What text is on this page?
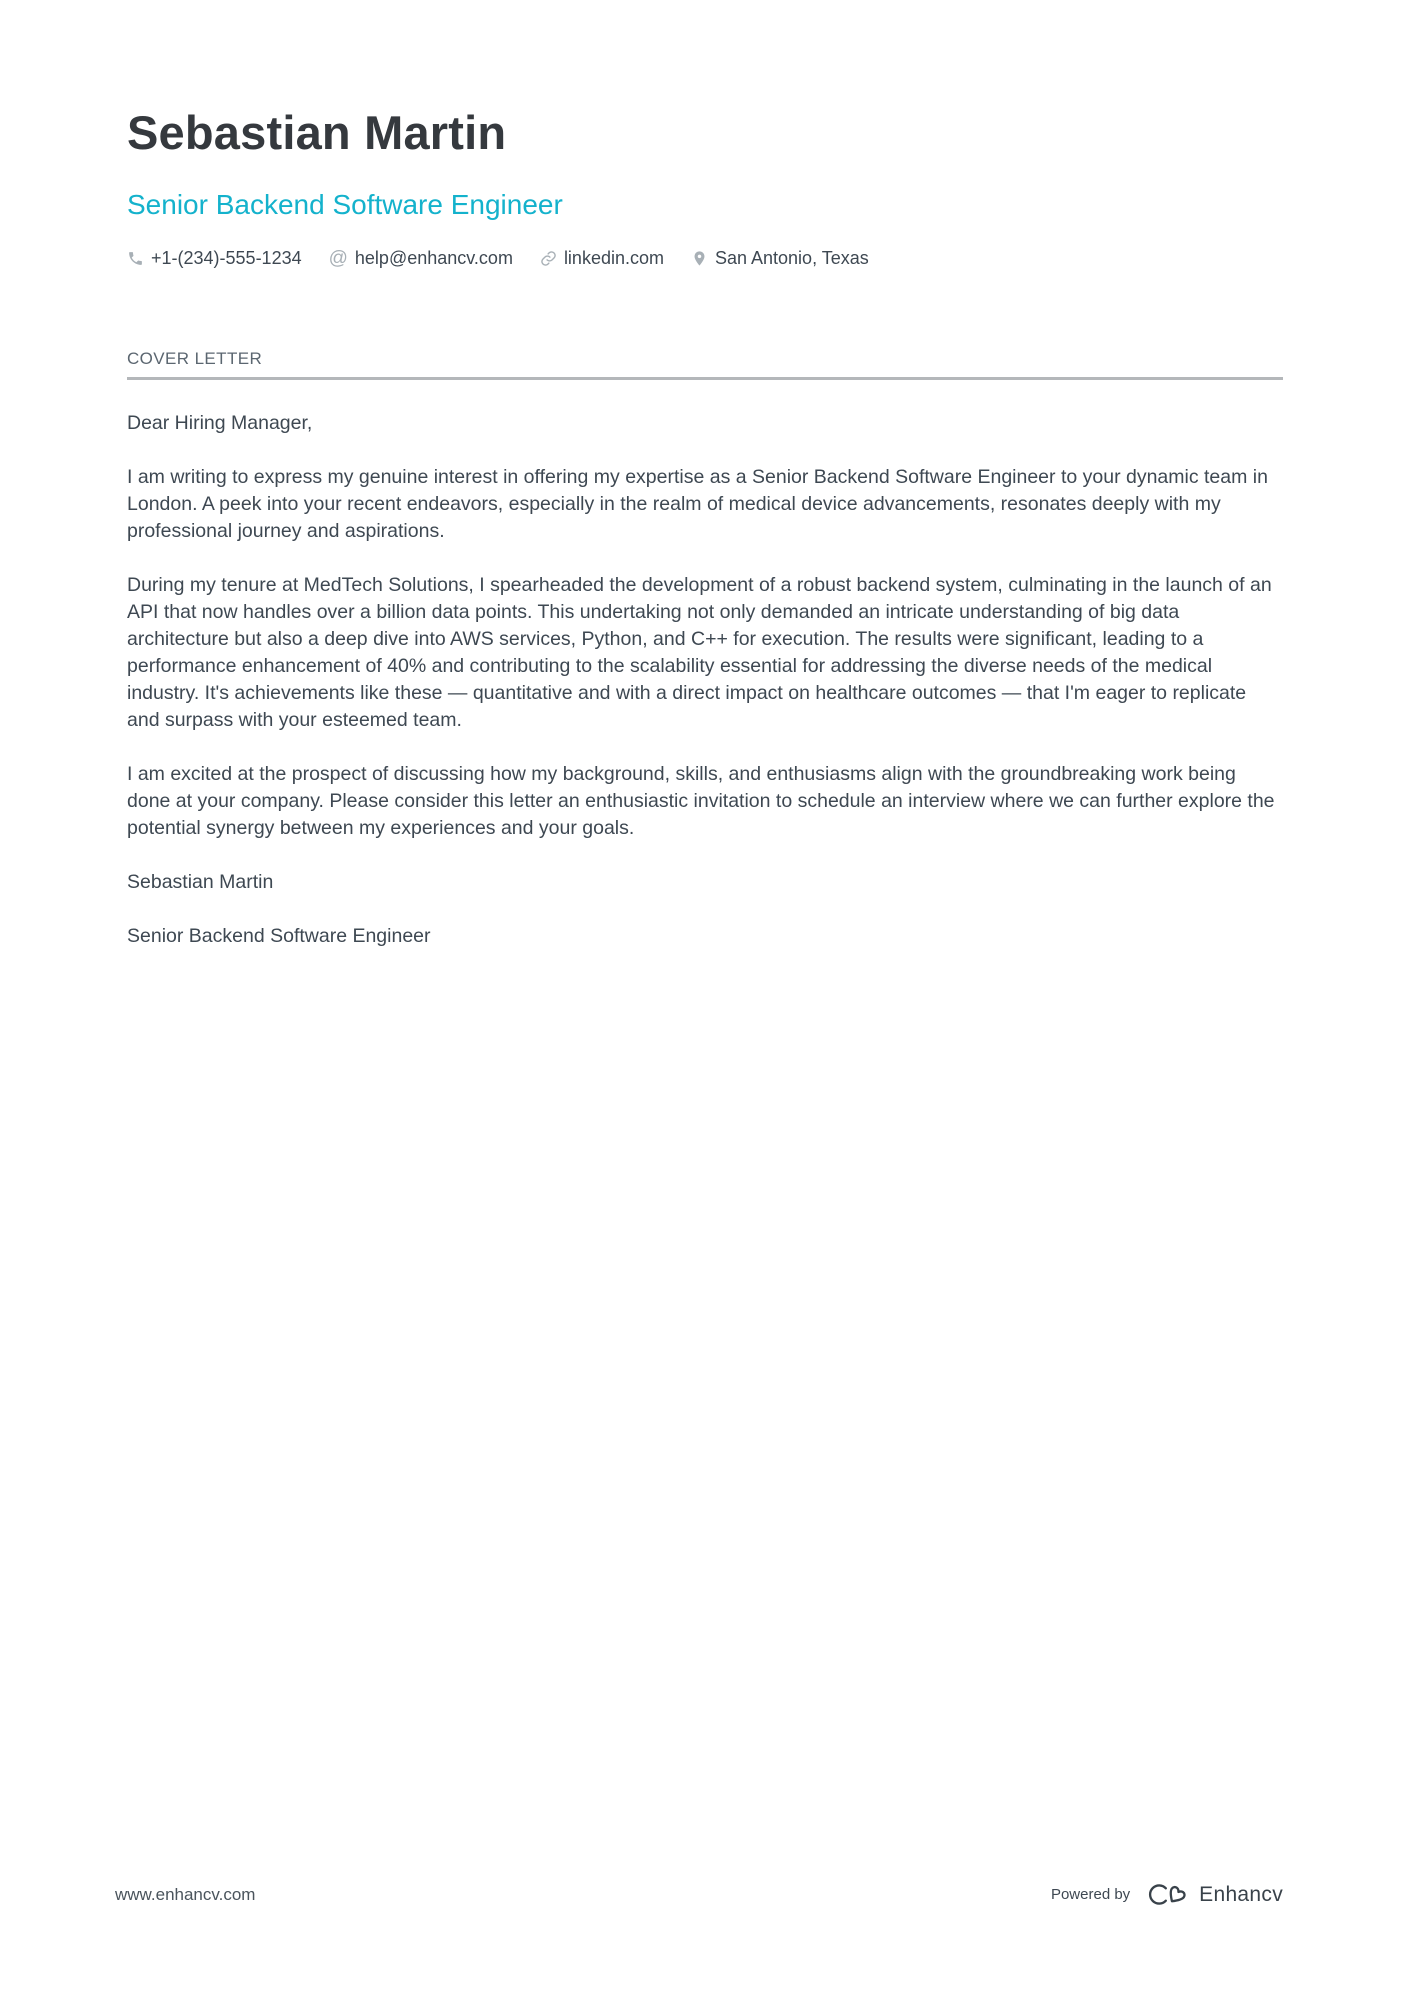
Sebastian Martin
Senior Backend Software Engineer
+1-(234)-555-1234 @ help@enhancv.com	linkedin.com	San Antonio, Texas
COVER LETTER

Dear Hiring Manager,

I am writing to express my genuine interest in offering my expertise as a Senior Backend Software Engineer to your dynamic team in London. A peek into your recent endeavors, especially in the realm of medical device advancements, resonates deeply with my professional journey and aspirations.

During my tenure at MedTech Solutions, I spearheaded the development of a robust backend system, culminating in the launch of an API that now handles over a billion data points. This undertaking not only demanded an intricate understanding of big data architecture but also a deep dive into AWS services, Python, and C++ for execution. The results were significant, leading to a performance enhancement of 40% and contributing to the scalability essential for addressing the diverse needs of the medical industry. It's achievements like these — quantitative and with a direct impact on healthcare outcomes — that I'm eager to replicate and surpass with your esteemed team.

I am excited at the prospect of discussing how my background, skills, and enthusiasms align with the groundbreaking work being done at your company. Please consider this letter an enthusiastic invitation to schedule an interview where we can further explore the potential synergy between my experiences and your goals.

Sebastian Martin

Senior Backend Software Engineer

www.enhancv.com	Powered by	Enhancv
